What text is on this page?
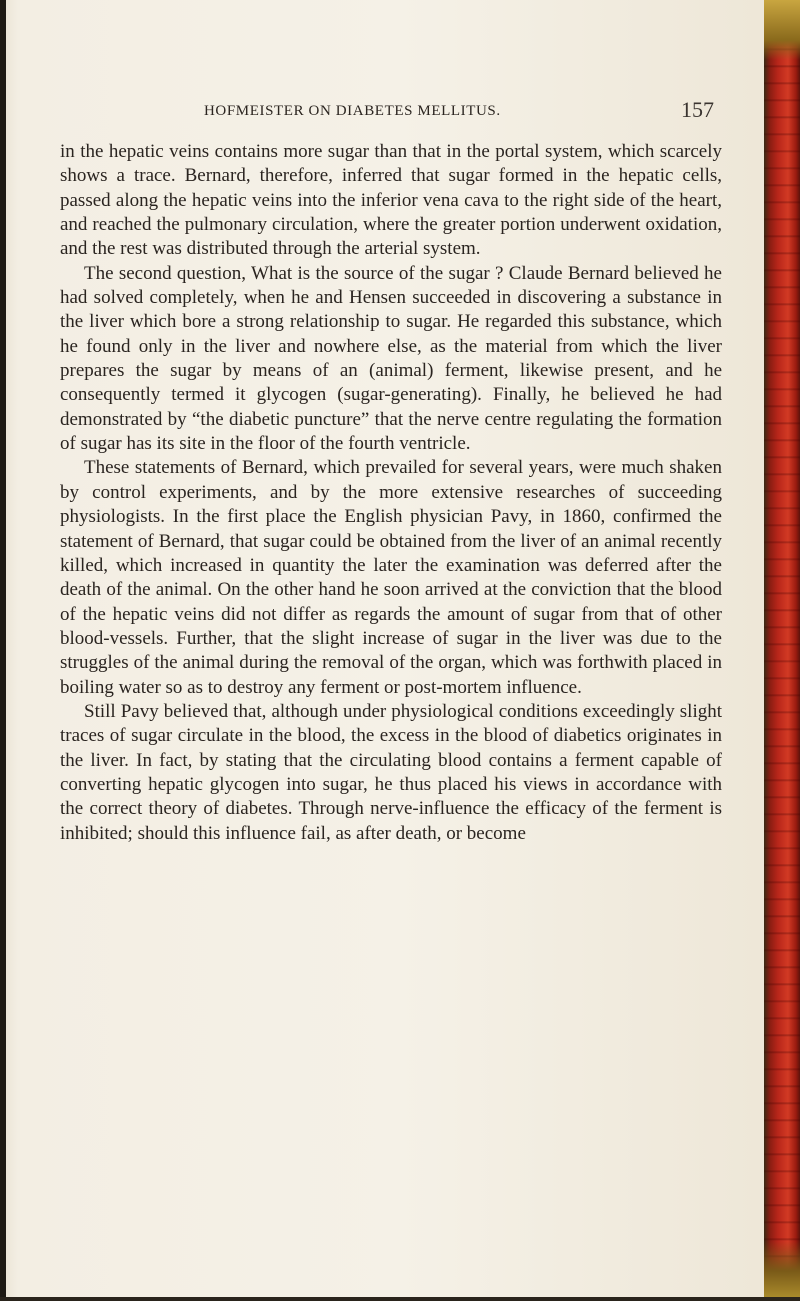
HOFMEISTER ON DIABETES MELLITUS.	157

in the hepatic veins contains more sugar than that in the portal system, which scarcely shows a trace. Bernard, therefore, inferred that sugar formed in the hepatic cells, passed along the hepatic veins into the inferior vena cava to the right side of the heart, and reached the pulmonary circulation, where the greater portion underwent oxidation, and the rest was distributed through the arterial system.

The second question, What is the source of the sugar ? Claude Bernard believed he had solved completely, when he and Hensen succeeded in discovering a substance in the liver which bore a strong relationship to sugar. He regarded this substance, which he found only in the liver and nowhere else, as the material from which the liver prepares the sugar by means of an (animal) ferment, likewise present, and he consequently termed it glycogen (sugar-generating). Finally, he believed he had demonstrated by “the diabetic puncture” that the nerve centre regulating the formation of sugar has its site in the floor of the fourth ventricle.

These statements of Bernard, which prevailed for several years, were much shaken by control experiments, and by the more extensive researches of succeeding physiologists. In the first place the English physician Pavy, in 1860, confirmed the statement of Bernard, that sugar could be obtained from the liver of an animal recently killed, which increased in quantity the later the examination was deferred after the death of the animal. On the other hand he soon arrived at the conviction that the blood of the hepatic veins did not differ as regards the amount of sugar from that of other blood-vessels. Further, that the slight increase of sugar in the liver was due to the struggles of the animal during the removal of the organ, which was forthwith placed in boiling water so as to destroy any ferment or post-mortem influence.

Still Pavy believed that, although under physiological conditions exceedingly slight traces of sugar circulate in the blood, the excess in the blood of diabetics originates in the liver. In fact, by stating that the circulating blood contains a ferment capable of converting hepatic glycogen into sugar, he thus placed his views in accordance with the correct theory of diabetes. Through nerve-influence the efficacy of the ferment is inhibited; should this influence fail, as after death, or become
